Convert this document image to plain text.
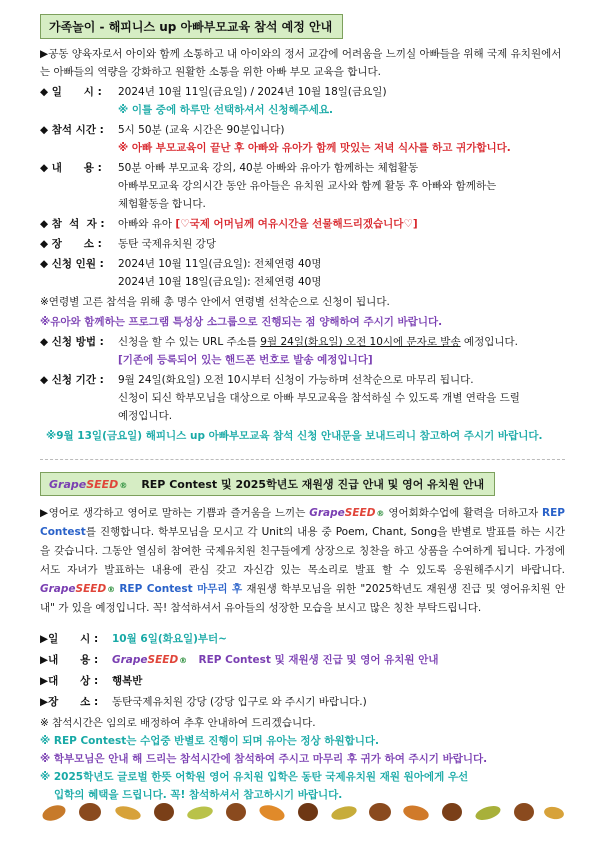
가족놀이 - 해피니스 up 아빠부모교육 참석 예정 안내

▶공동 양육자로서 아이와 함께 소통하고 내 아이와의 정서 교감에 어려움을 느끼실 아빠들을 위해 국제 유치원에서는 아빠들의 역량을 강화하고 원활한 소통을 위한 아빠 부모 교육을 합니다.

◆ 일      시 :	2024년 10월 11일(금요일) / 2024년 10월 18일(금요일)
※ 이틀 중에 하루만 선택하셔서 신청해주세요.
◆ 참석 시간 :	5시 50분 (교육 시간은 90분입니다)
※ 아빠 부모교육이 끝난 후 아빠와 유아가 함께 맛있는 저녁 식사를 하고 귀가합니다.
◆ 내      용 :	50분 아빠 부모교육 강의, 40분 아빠와 유아가 함께하는 체험활동
아빠부모교육 강의시간 동안 유아들은 유치원 교사와 함께 활동 후 아빠와 함께하는
체험활동을 합니다.
◆ 참  석  자 :	아빠와 유아 [♡국제 어머님께 여유시간을 선물해드리겠습니다♡]
◆ 장      소 :	동탄 국제유치원 강당
◆ 신청 인원 :	2024년 10월 11일(금요일): 전체연령 40명
2024년 10월 18일(금요일): 전체연령 40명
※연령별 고른 참석을 위해 총 명수 안에서 연령별 선착순으로 신청이 됩니다.
※유아와 함께하는 프로그램 특성상 소그룹으로 진행되는 점 양해하여 주시기 바랍니다.
◆ 신청 방법 :	신청을 할 수 있는 URL 주소를 9월 24일(화요일) 오전 10시에 문자로 발송 예정입니다.
[기존에 등록되어 있는 핸드폰 번호로 발송 예정입니다]
◆ 신청 기간 :	9월 24일(화요일) 오전 10시부터 신청이 가능하며 선착순으로 마무리 됩니다.
신청이 되신 학부모님을 대상으로 아빠 부모교육을 참석하실 수 있도록 개별 연락을 드릴
예정입니다.
※9월 13일(금요일) 해피니스 up 아빠부모교육 참석 신청 안내문을 보내드리니 참고하여 주시기 바랍니다.
Grape SEED ® REP Contest 및 2025학년도 재원생 진급 안내 및 영어 유치원 안내

▶영어로 생각하고 영어로 말하는 기쁨과 즐거움을 느끼는 Grape SEED ® 영어회화수업에 활력을 더하고자 REP Contest를 진행합니다. 학부모님을 모시고 각 Unit의 내용 중 Poem, Chant, Song을 반별로 발표를 하는 시간을 갖습니다. 그동안 열심히 참여한 국제유치원 친구들에게 상장으로 칭찬을 하고 상품을 수여하게 됩니다. 가정에서도 자녀가 발표하는 내용에 관심 갖고 자신감 있는 목소리로 발표 할 수 있도록 응원해주시기 바랍니다.
Grape SEED ® REP Contest 마무리 후 재원생 학부모님을 위한 "2025학년도 재원생 진급 및 영어유치원 안내" 가 있을 예정입니다. 꼭! 참석하셔서 유아들의 성장한 모습을 보시고 많은 칭찬 부탁드립니다.

▶일      시 :	10월 6일(화요일)부터~
▶내      용 :	Grape SEED ® REP Contest 및 재원생 진급 및 영어 유치원 안내
▶대      상 :	행복반
▶장      소 :	동탄국제유치원 강당 (강당 입구로 와 주시기 바랍니다.)
※ 참석시간은 임의로 배정하여 추후 안내하여 드리겠습니다.
※ REP Contest는 수업중 반별로 진행이 되며 유아는 정상 하원합니다.
※ 학부모님은 안내 해 드리는 참석시간에 참석하여 주시고 마무리 후 귀가 하여 주시기 바랍니다.
※ 2025학년도 글로벌 한뜻 어학원 영어 유치원 입학은 동탄 국제유치원 재원 원아에게 우선
입학의 혜택을 드립니다. 꼭! 참석하셔서 참고하시기 바랍니다.
